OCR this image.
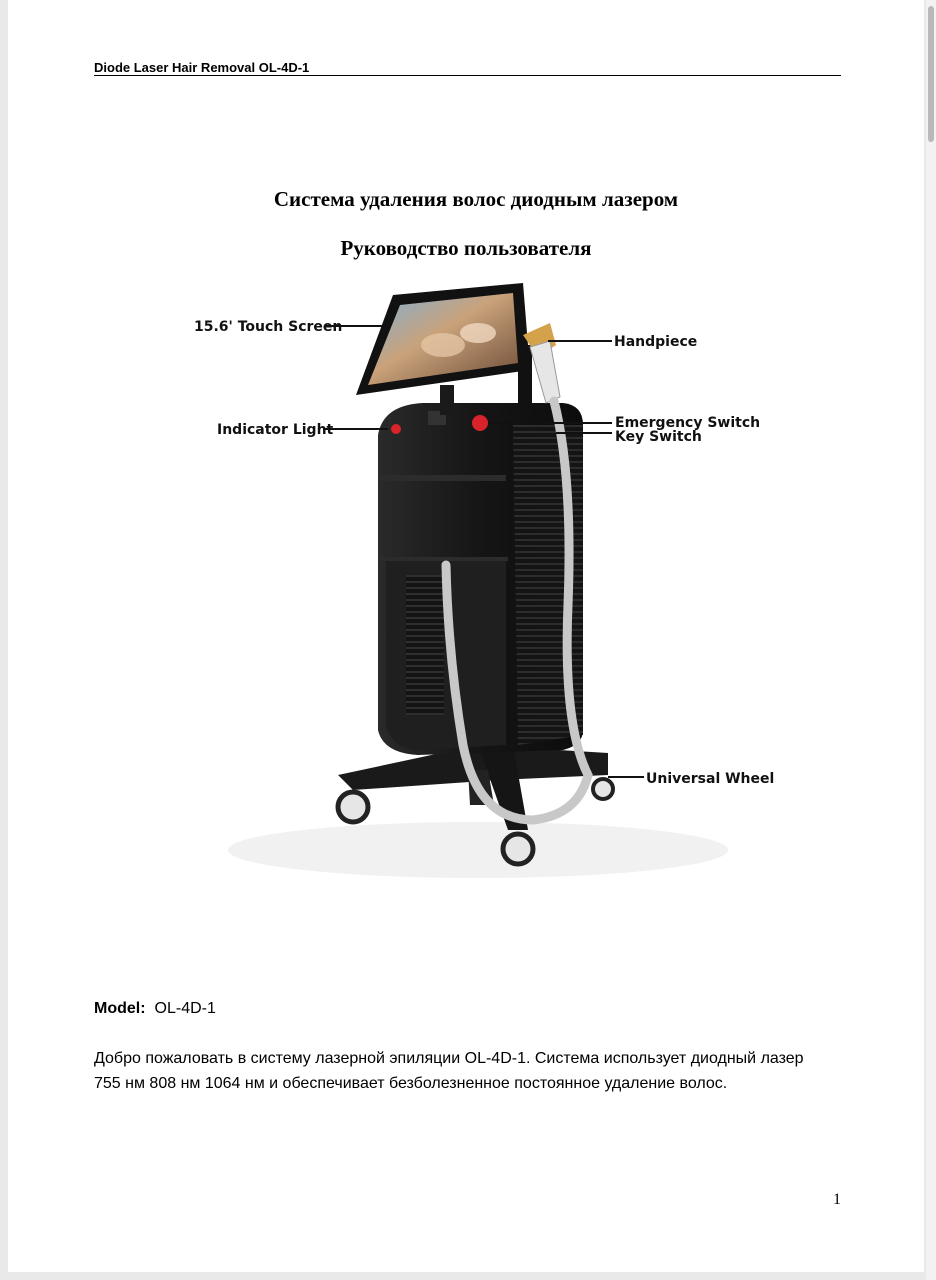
Diode Laser Hair Removal OL-4D-1
Система удаления волос диодным лазером
Руководство пользователя
15.6' Touch Screen
Handpiece
Indicator Light	Emergency Switch
Key Switch
Universal Wheel
Model: OL-4D-1
Добро пожаловать в систему лазерной эпиляции OL-4D-1. Система использует диодный лазер 755 нм 808 нм 1064 нм и обеспечивает безболезненное постоянное удаление волос.
1
